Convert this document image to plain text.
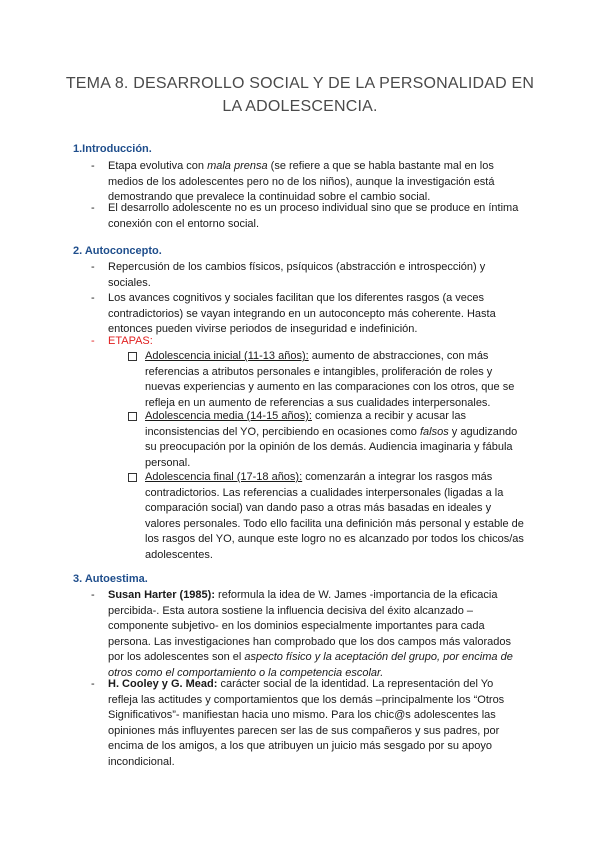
TEMA 8. DESARROLLO SOCIAL Y DE LA PERSONALIDAD EN
LA ADOLESCENCIA.
1.Introducción.
- Etapa evolutiva con mala prensa (se refiere a que se habla bastante mal en los medios de los adolescentes pero no de los niños), aunque la investigación está demostrando que prevalece la continuidad sobre el cambio social.
- El desarrollo adolescente no es un proceso individual sino que se produce en íntima conexión con el entorno social.
2. Autoconcepto.
- Repercusión de los cambios físicos, psíquicos (abstracción e introspección) y sociales.
- Los avances cognitivos y sociales facilitan que los diferentes rasgos (a veces contradictorios) se vayan integrando en un autoconcepto más coherente. Hasta entonces pueden vivirse periodos de inseguridad e indefinición.
- ETAPAS:
Adolescencia inicial (11-13 años): aumento de abstracciones, con más referencias a atributos personales e intangibles, proliferación de roles y nuevas experiencias y aumento en las comparaciones con los otros, que se refleja en un aumento de referencias a sus cualidades interpersonales.
Adolescencia media (14-15 años): comienza a recibir y acusar las inconsistencias del YO, percibiendo en ocasiones como falsos y agudizando su preocupación por la opinión de los demás. Audiencia imaginaria y fábula personal.
Adolescencia final (17-18 años): comenzarán a integrar los rasgos más contradictorios. Las referencias a cualidades interpersonales (ligadas a la comparación social) van dando paso a otras más basadas en ideales y valores personales. Todo ello facilita una definición más personal y estable de los rasgos del YO, aunque este logro no es alcanzado por todos los chicos/as adolescentes.
3. Autoestima.
- Susan Harter (1985): reformula la idea de W. James -importancia de la eficacia percibida-. Esta autora sostiene la influencia decisiva del éxito alcanzado –componente subjetivo- en los dominios especialmente importantes para cada persona. Las investigaciones han comprobado que los dos campos más valorados por los adolescentes son el aspecto físico y la aceptación del grupo, por encima de otros como el comportamiento o la competencia escolar.
- H. Cooley y G. Mead: carácter social de la identidad. La representación del Yo refleja las actitudes y comportamientos que los demás –principalmente los “Otros Significativos”- manifiestan hacia uno mismo. Para los chic@s adolescentes las opiniones más influyentes parecen ser las de sus compañeros y sus padres, por encima de los amigos, a los que atribuyen un juicio más sesgado por su apoyo incondicional.
